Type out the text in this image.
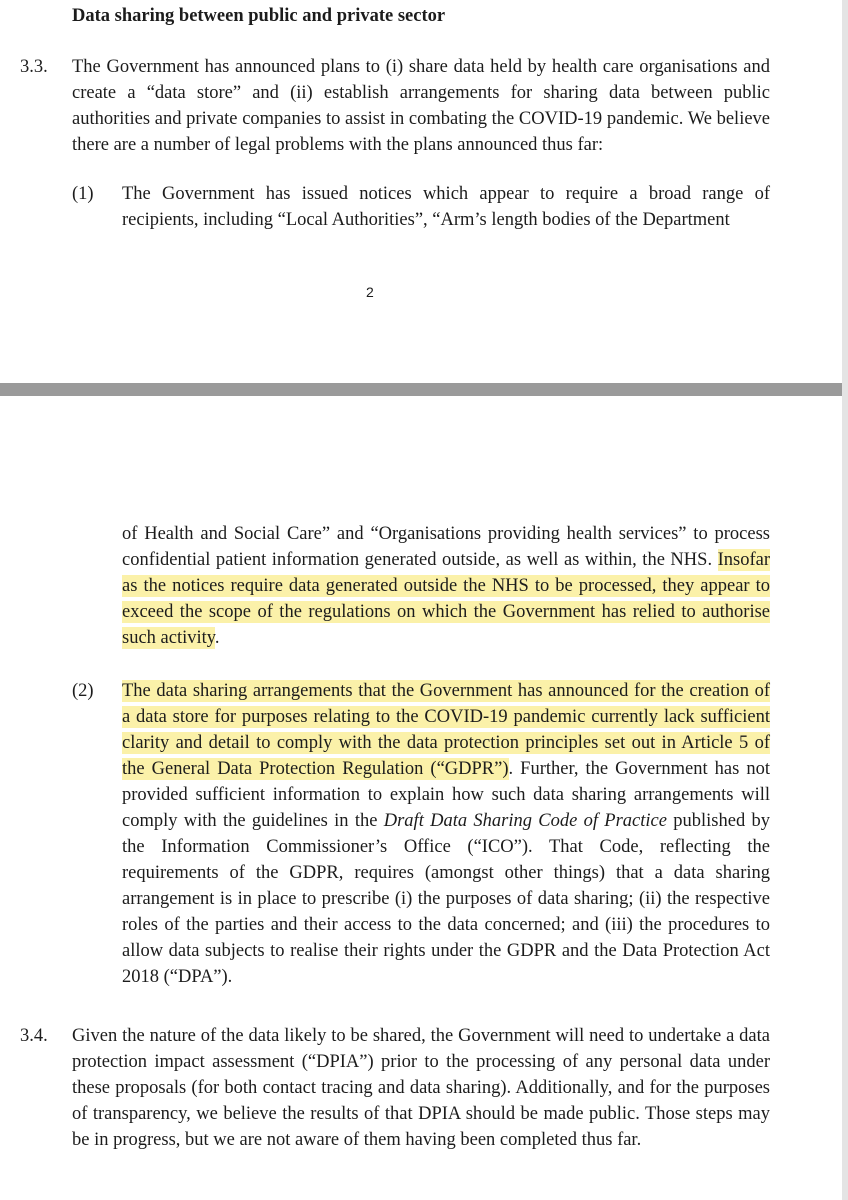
Data sharing between public and private sector
3.3. The Government has announced plans to (i) share data held by health care organisations and create a “data store” and (ii) establish arrangements for sharing data between public authorities and private companies to assist in combating the COVID-19 pandemic. We believe there are a number of legal problems with the plans announced thus far:

(1) The Government has issued notices which appear to require a broad range of recipients, including “Local Authorities”, “Arm’s length bodies of the Department

2

of Health and Social Care” and “Organisations providing health services” to process confidential patient information generated outside, as well as within, the NHS. Insofar as the notices require data generated outside the NHS to be processed, they appear to exceed the scope of the regulations on which the Government has relied to authorise such activity.

(2) The data sharing arrangements that the Government has announced for the creation of a data store for purposes relating to the COVID-19 pandemic currently lack sufficient clarity and detail to comply with the data protection principles set out in Article 5 of the General Data Protection Regulation (“GDPR”). Further, the Government has not provided sufficient information to explain how such data sharing arrangements will comply with the guidelines in the Draft Data Sharing Code of Practice published by the Information Commissioner’s Office (“ICO”). That Code, reflecting the requirements of the GDPR, requires (amongst other things) that a data sharing arrangement is in place to prescribe (i) the purposes of data sharing; (ii) the respective roles of the parties and their access to the data concerned; and (iii) the procedures to allow data subjects to realise their rights under the GDPR and the Data Protection Act 2018 (“DPA”).

3.4. Given the nature of the data likely to be shared, the Government will need to undertake a data protection impact assessment (“DPIA”) prior to the processing of any personal data under these proposals (for both contact tracing and data sharing). Additionally, and for the purposes of transparency, we believe the results of that DPIA should be made public. Those steps may be in progress, but we are not aware of them having been completed thus far.
